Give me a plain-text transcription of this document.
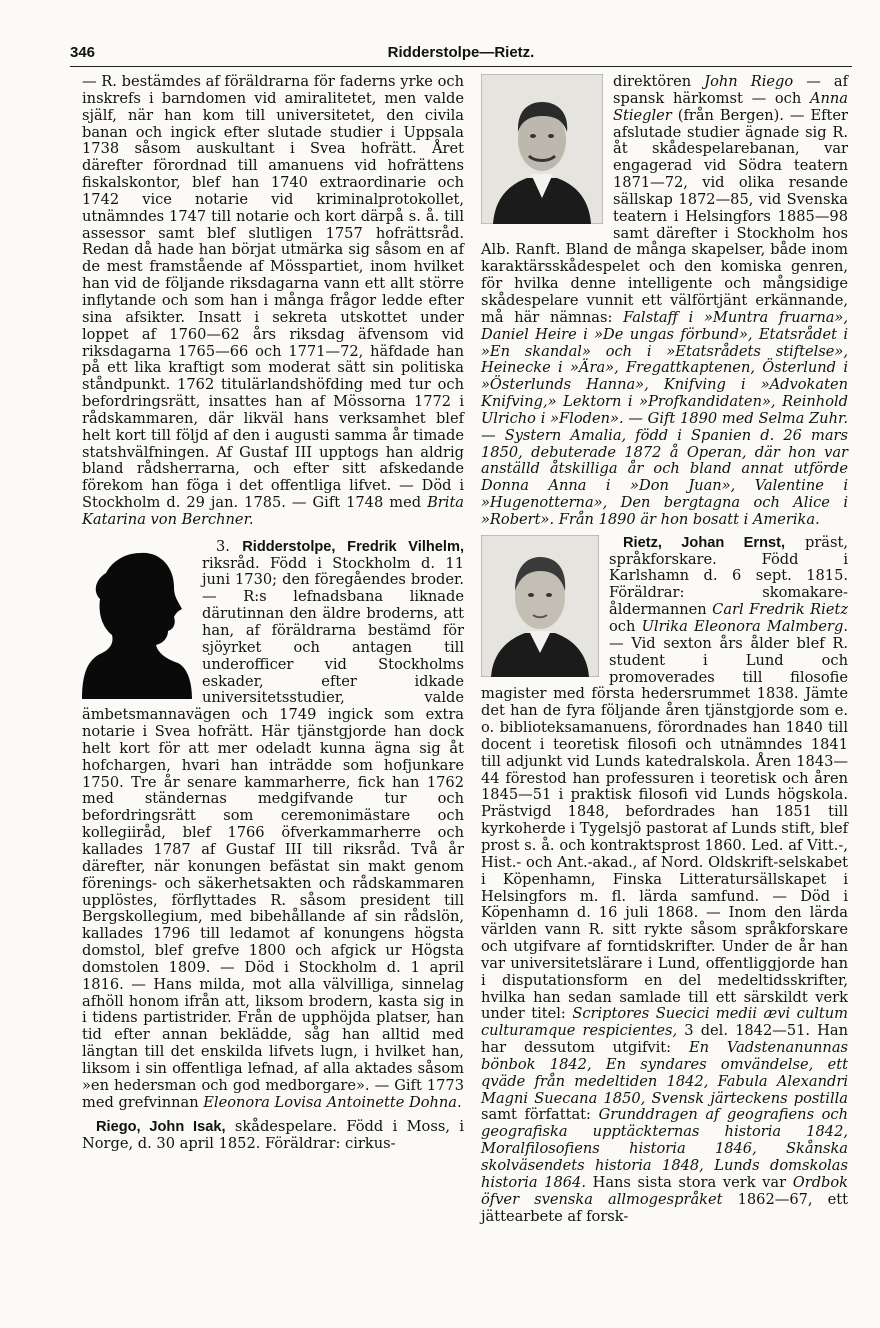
346	Ridderstolpe—Rietz.

— R. bestämdes af föräldrarna för faderns yrke och inskrefs i barndomen vid amiralitetet, men valde själf, när han kom till universitetet, den civila banan och ingick efter slutade studier i Uppsala 1738 såsom auskultant i Svea hofrätt. Året därefter förordnad till amanuens vid hofrättens fiskalskontor, blef han 1740 extraordinarie och 1742 vice notarie vid kriminalprotokollet, utnämndes 1747 till notarie och kort därpå s. å. till assessor samt blef slutligen 1757 hofrättsråd. Redan då hade han börjat utmärka sig såsom en af de mest framstående af Mösspartiet, inom hvilket han vid de följande riksdagarna vann ett allt större inflytande och som han i många frågor ledde efter sina afsikter. Insatt i sekreta utskottet under loppet af 1760—62 års riksdag äfvensom vid riksdagarna 1765—66 och 1771—72, häfdade han på ett lika kraftigt som moderat sätt sin politiska ståndpunkt. 1762 titulärlandshöfding med tur och befordringsrätt, insattes han af Mössorna 1772 i rådskammaren, där likväl hans verksamhet blef helt kort till följd af den i augusti samma år timade statshvälfningen. Af Gustaf III upptogs han aldrig bland rådsherrarna, och efter sitt afskedande förekom han föga i det offentliga lifvet. — Död i Stockholm d. 29 jan. 1785. — Gift 1748 med Brita Katarina von Berchner.

3. Ridderstolpe, Fredrik Vilhelm, riksråd. Född i Stockholm d. 11 juni 1730; den föregåendes broder. — R:s lefnadsbana liknade därutinnan den äldre broderns, att han, af föräldrarna bestämd för sjöyrket och antagen till underofficer vid Stockholms eskader, efter idkade universitetsstudier, valde ämbetsmannavägen och 1749 ingick som extra notarie i Svea hofrätt. Här tjänstgjorde han dock helt kort för att mer odeladt kunna ägna sig åt hofchargen, hvari han inträdde som hofjunkare 1750. Tre år senare kammarherre, fick han 1762 med ständernas medgifvande tur och befordringsrätt som ceremonimästare och kollegiiråd, blef 1766 öfverkammarherre och kallades 1787 af Gustaf III till riksråd. Två år därefter, när konungen befästat sin makt genom förenings- och säkerhetsakten och rådskammaren upplöstes, förflyttades R. såsom president till Bergskollegium, med bibehållande af sin rådslön, kallades 1796 till ledamot af konungens högsta domstol, blef grefve 1800 och afgick ur Högsta domstolen 1809. — Död i Stockholm d. 1 april 1816. — Hans milda, mot alla välvilliga, sinnelag afhöll honom ifrån att, liksom brodern, kasta sig in i tidens partistrider. Från de upphöjda platser, han tid efter annan beklädde, såg han alltid med längtan till det enskilda lifvets lugn, i hvilket han, liksom i sin offentliga lefnad, af alla aktades såsom »en hedersman och god medborgare». — Gift 1773 med grefvinnan Eleonora Lovisa Antoinette Dohna.

Riego, John Isak, skådespelare. Född i Moss, i Norge, d. 30 april 1852. Föräldrar: cirkus-

direktören John Riego — af spansk härkomst — och Anna Stiegler (från Bergen). — Efter afslutade studier ägnade sig R. åt skådespelarebanan, var engagerad vid Södra teatern 1871—72, vid olika resande sällskap 1872—85, vid Svenska teatern i Helsingfors 1885—98 samt därefter i Stockholm hos Alb. Ranft. Bland de många skapelser, både inom karaktärsskådespelet och den komiska genren, för hvilka denne intelligente och mångsidige skådespelare vunnit ett välförtjänt erkännande, må här nämnas: Falstaff i »Muntra fruarna», Daniel Heire i »De ungas förbund», Etatsrådet i »En skandal» och i »Etatsrådets stiftelse», Heinecke i »Ära», Fregattkaptenen, Österlund i »Österlunds Hanna», Knifving i »Advokaten Knifving,» Lektorn i »Profkandidaten», Reinhold Ulricho i »Floden». — Gift 1890 med Selma Zuhr. — Systern Amalia, född i Spanien d. 26 mars 1850, debuterade 1872 å Operan, där hon var anställd åtskilliga år och bland annat utförde Donna Anna i »Don Juan», Valentine i »Hugenotterna», Den bergtagna och Alice i »Robert». Från 1890 är hon bosatt i Amerika.

Rietz, Johan Ernst, präst, språkforskare. Född i Karlshamn d. 6 sept. 1815. Föräldrar: skomakare-åldermannen Carl Fredrik Rietz och Ulrika Eleonora Malmberg. — Vid sexton års ålder blef R. student i Lund och promoverades till filosofie magister med första hedersrummet 1838. Jämte det han de fyra följande åren tjänstgjorde som e. o. biblioteksamanuens, förordnades han 1840 till docent i teoretisk filosofi och utnämndes 1841 till adjunkt vid Lunds katedralskola. Åren 1843—44 förestod han professuren i teoretisk och åren 1845—51 i praktisk filosofi vid Lunds högskola. Prästvigd 1848, befordrades han 1851 till kyrkoherde i Tygelsjö pastorat af Lunds stift, blef prost s. å. och kontraktsprost 1860. Led. af Vitt.-, Hist.- och Ant.-akad., af Nord. Oldskrift-selskabet i Köpenhamn, Finska Litteratursällskapet i Helsingfors m. fl. lärda samfund. — Död i Köpenhamn d. 16 juli 1868. — Inom den lärda världen vann R. sitt rykte såsom språkforskare och utgifvare af forntidskrifter. Under de år han var universitetslärare i Lund, offentliggjorde han i disputationsform en del medeltidsskrifter, hvilka han sedan samlade till ett särskildt verk under titel: Scriptores Suecici medii ævi cultum culturamque respicientes, 3 del. 1842—51. Han har dessutom utgifvit: En Vadstenanunnas bönbok 1842, En syndares omvändelse, ett qväde från medeltiden 1842, Fabula Alexandri Magni Suecana 1850, Svensk järteckens postilla samt författat: Grunddragen af geografiens och geografiska upptäckternas historia 1842, Moralfilosofiens historia 1846, Skånska skolväsendets historia 1848, Lunds domskolas historia 1864. Hans sista stora verk var Ordbok öfver svenska allmogespråket 1862—67, ett jättearbete af forsk-
